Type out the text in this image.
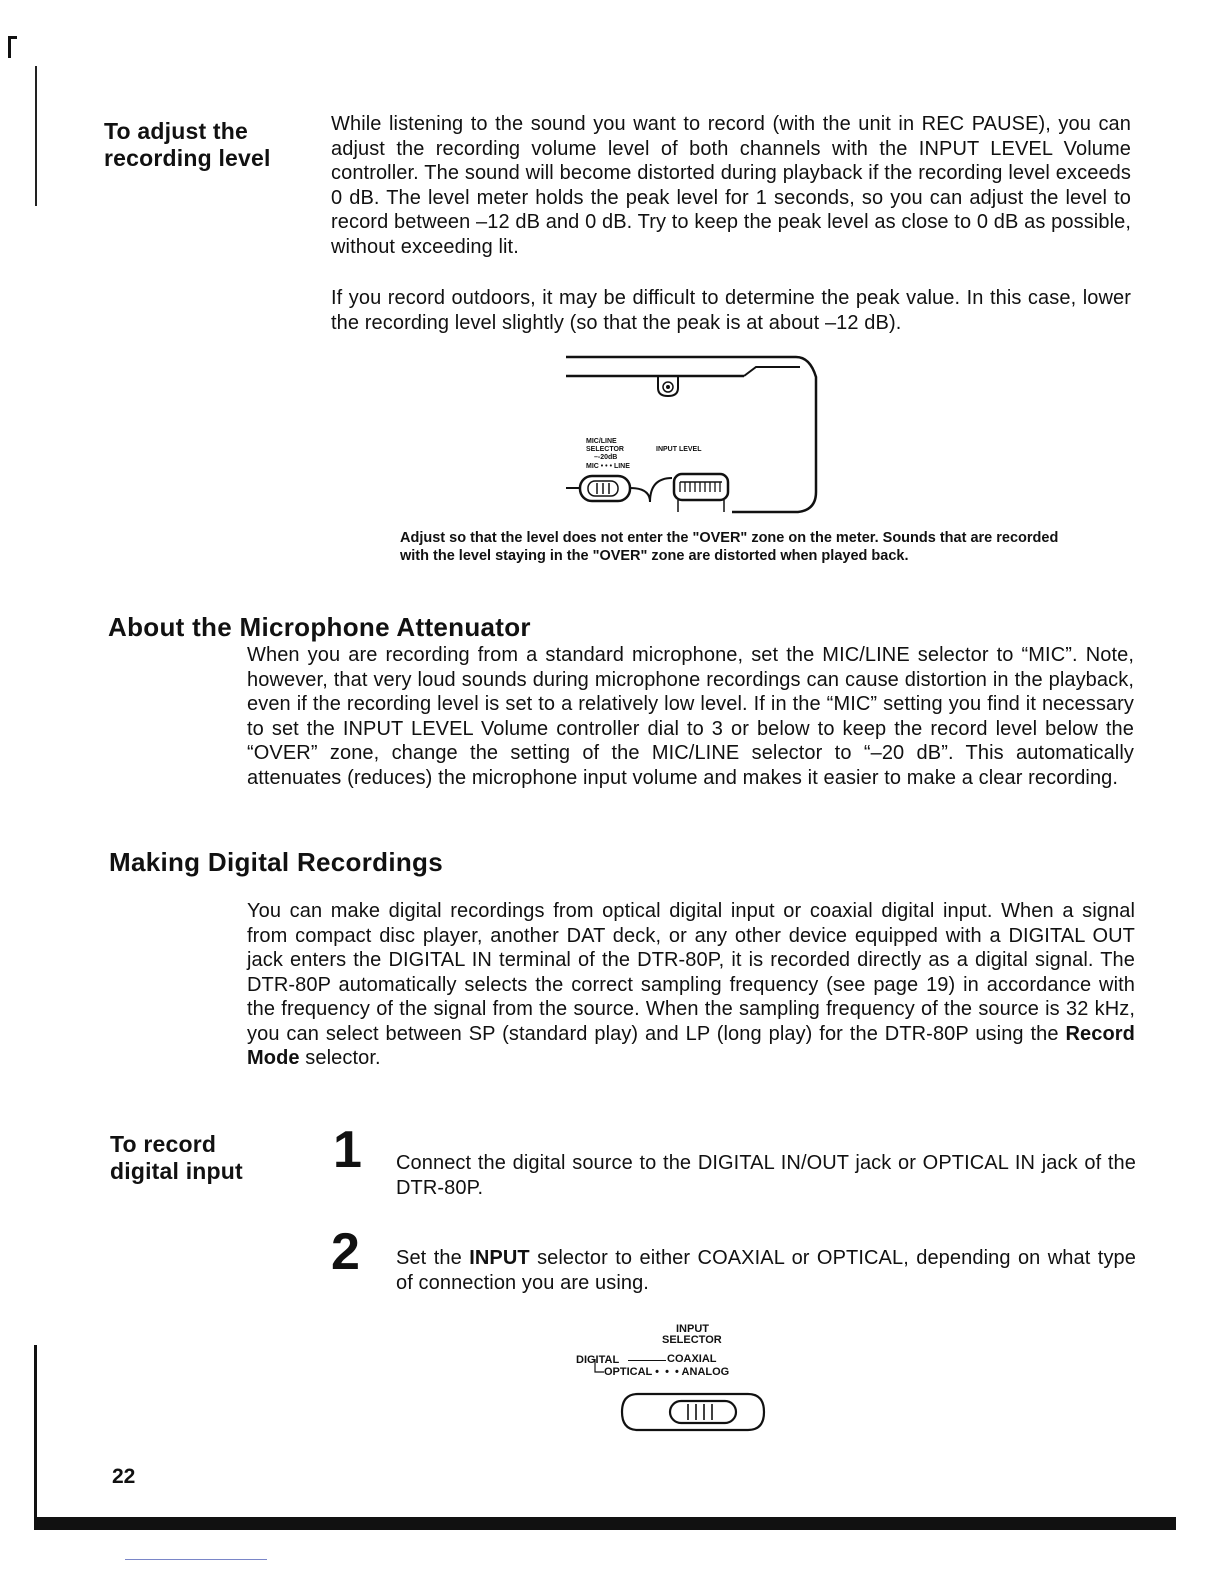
To adjust the
recording level

While listening to the sound you want to record (with the unit in REC PAUSE), you can adjust the recording volume level of both channels with the INPUT LEVEL Volume controller. The sound will become distorted during playback if the recording level exceeds 0 dB. The level meter holds the peak level for 1 seconds, so you can adjust the level to record between –12 dB and 0 dB. Try to keep the peak level as close to 0 dB as possible, without exceeding lit.

If you record outdoors, it may be difficult to determine the peak value. In this case, lower the recording level slightly (so that the peak is at about –12 dB).

MIC/LINE SELECTOR
–-20dB
MIC • • • LINE
INPUT LEVEL

Adjust so that the level does not enter the "OVER" zone on the meter. Sounds that are recorded with the level staying in the "OVER" zone are distorted when played back.

About the Microphone Attenuator

When you are recording from a standard microphone, set the MIC/LINE selector to “MIC”. Note, however, that very loud sounds during microphone recordings can cause distortion in the playback, even if the recording level is set to a relatively low level. If in the “MIC” setting you find it necessary to set the INPUT LEVEL Volume controller dial to 3 or below to keep the record level below the “OVER” zone, change the setting of the MIC/LINE selector to “–20 dB”. This automatically attenuates (reduces) the microphone input volume and makes it easier to make a clear recording.

Making Digital Recordings

You can make digital recordings from optical digital input or coaxial digital input. When a signal from compact disc player, another DAT deck, or any other device equipped with a DIGITAL OUT jack enters the DIGITAL IN terminal of the DTR-80P, it is recorded directly as a digital signal. The DTR-80P automatically selects the correct sampling frequency (see page 19) in accordance with the frequency of the signal from the source. When the sampling frequency of the source is 32 kHz, you can select between SP (standard play) and LP (long play) for the DTR-80P using the Record Mode selector.

To record
digital input	1 Connect the digital source to the DIGITAL IN/OUT jack or OPTICAL IN jack of the DTR-80P.

2 Set the INPUT selector to either COAXIAL or OPTICAL, depending on what type of connection you are using.

INPUT
SELECTOR
DIGITAL	COAXIAL
OPTICAL •  •  • ANALOG
22
